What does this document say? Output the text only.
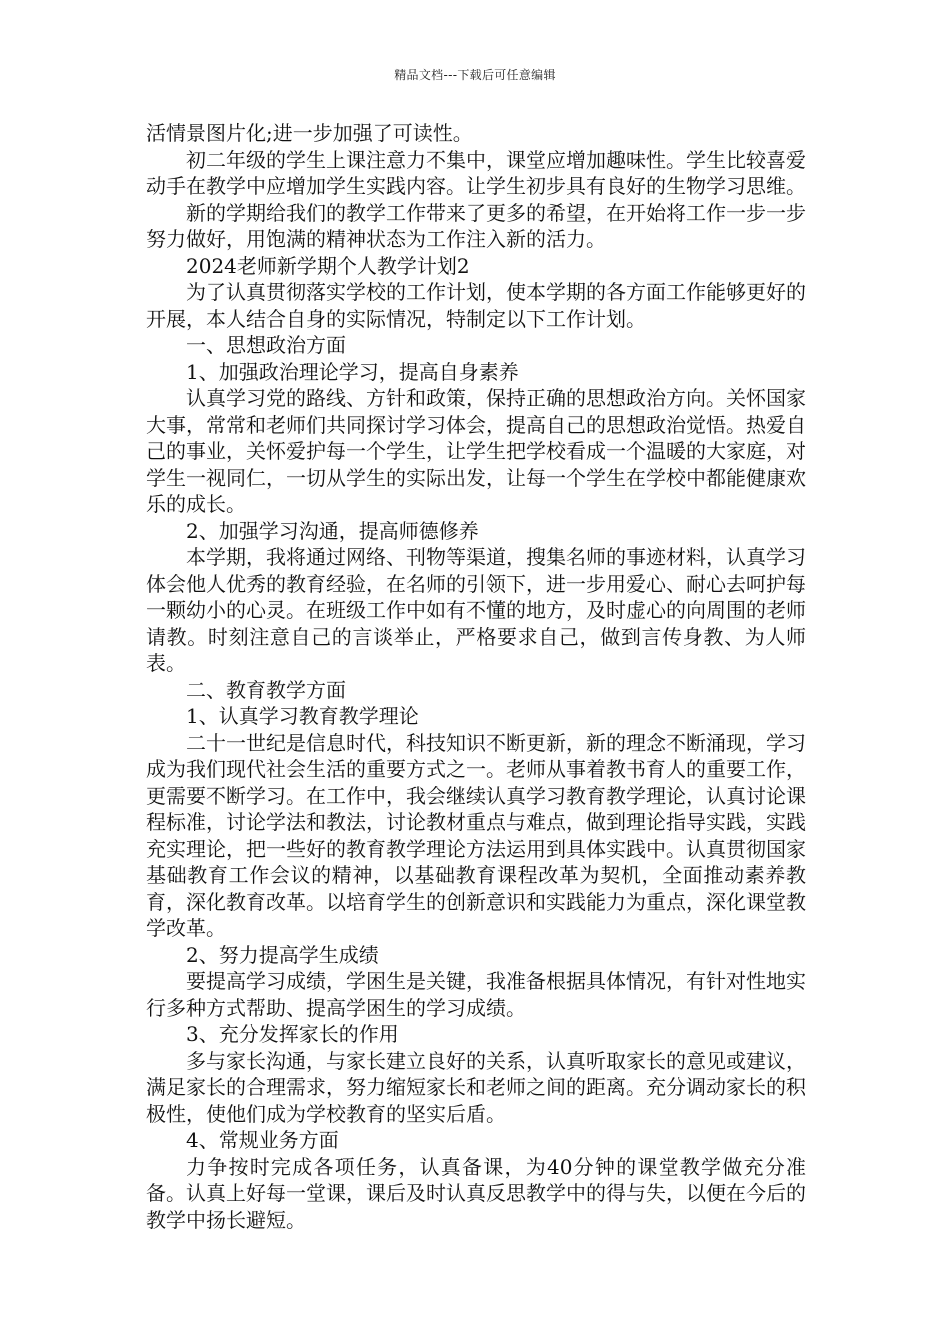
精品文档---下载后可任意编辑

活情景图片化;进一步加强了可读性。

初二年级的学生上课注意力不集中，课堂应增加趣味性。学生比较喜爱动手在教学中应增加学生实践内容。让学生初步具有良好的生物学习思维。

新的学期给我们的教学工作带来了更多的希望，在开始将工作一步一步努力做好，用饱满的精神状态为工作注入新的活力。

2024老师新学期个人教学计划2

为了认真贯彻落实学校的工作计划，使本学期的各方面工作能够更好的开展，本人结合自身的实际情况，特制定以下工作计划。

一、思想政治方面

1、加强政治理论学习，提高自身素养

认真学习党的路线、方针和政策，保持正确的思想政治方向。关怀国家大事，常常和老师们共同探讨学习体会，提高自己的思想政治觉悟。热爱自己的事业，关怀爱护每一个学生，让学生把学校看成一个温暖的大家庭，对学生一视同仁，一切从学生的实际出发，让每一个学生在学校中都能健康欢乐的成长。

2、加强学习沟通，提高师德修养

本学期，我将通过网络、刊物等渠道，搜集名师的事迹材料，认真学习体会他人优秀的教育经验，在名师的引领下，进一步用爱心、耐心去呵护每一颗幼小的心灵。在班级工作中如有不懂的地方，及时虚心的向周围的老师请教。时刻注意自己的言谈举止，严格要求自己，做到言传身教、为人师表。

二、教育教学方面

1、认真学习教育教学理论

二十一世纪是信息时代，科技知识不断更新，新的理念不断涌现，学习成为我们现代社会生活的重要方式之一。老师从事着教书育人的重要工作，更需要不断学习。在工作中，我会继续认真学习教育教学理论，认真讨论课程标准，讨论学法和教法，讨论教材重点与难点，做到理论指导实践，实践充实理论，把一些好的教育教学理论方法运用到具体实践中。认真贯彻国家基础教育工作会议的精神，以基础教育课程改革为契机，全面推动素养教育，深化教育改革。以培育学生的创新意识和实践能力为重点，深化课堂教学改革。

2、努力提高学生成绩

要提高学习成绩，学困生是关键，我准备根据具体情况，有针对性地实行多种方式帮助、提高学困生的学习成绩。

3、充分发挥家长的作用

多与家长沟通，与家长建立良好的关系，认真听取家长的意见或建议，满足家长的合理需求，努力缩短家长和老师之间的距离。充分调动家长的积极性，使他们成为学校教育的坚实后盾。

4、常规业务方面

力争按时完成各项任务，认真备课，为40分钟的课堂教学做充分准备。认真上好每一堂课，课后及时认真反思教学中的得与失，以便在今后的教学中扬长避短。
